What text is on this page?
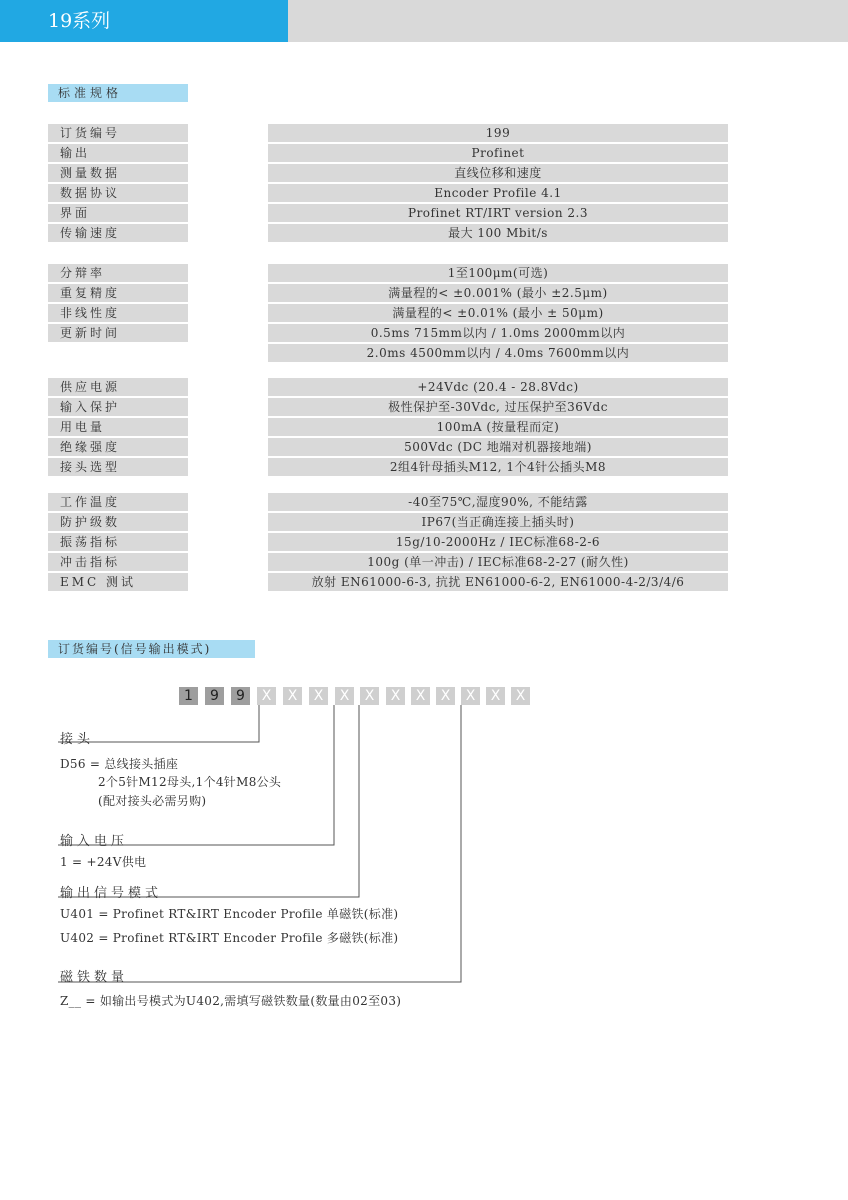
19系列
标准规格
订货编号	199
输出	Profinet
测量数据	直线位移和速度
数据协议	Encoder Profile 4.1
界面	Profinet RT/IRT version 2.3
传输速度	最大 100 Mbit/s
分辩率	1至100μm(可选)
重复精度	满量程的< ±0.001% (最小 ±2.5μm)
非线性度	满量程的< ±0.01% (最小 ± 50μm)
更新时间	0.5ms 715mm以内 / 1.0ms 2000mm以内
2.0ms 4500mm以内 / 4.0ms 7600mm以内
供应电源	+24Vdc (20.4 - 28.8Vdc)
输入保护	极性保护至-30Vdc, 过压保护至36Vdc
用电量	100mA (按量程而定)
绝缘强度	500Vdc (DC 地端对机器接地端)
接头选型	2组4针母插头M12, 1个4针公插头M8
工作温度	-40至75℃,湿度90%, 不能结露
防护级数	IP67(当正确连接上插头时)
振荡指标	15g/10-2000Hz / IEC标准68-2-6
冲击指标	100g (单一冲击) / IEC标准68-2-27 (耐久性)
EMC 测试	放射 EN61000-6-3, 抗扰 EN61000-6-2, EN61000-4-2/3/4/6
订货编号(信号输出模式)
1	9	9	X	X	X	X	X	X	X	X	X	X	X
接头
D56 = 总线接头插座
2个5针M12母头,1个4针M8公头
(配对接头必需另购)
输入电压
1 = +24V供电
输出信号模式
U401 = Profinet RT&IRT Encoder Profile 单磁铁(标准)
U402 = Profinet RT&IRT Encoder Profile 多磁铁(标准)
磁铁数量
Z__ = 如输出号模式为U402,需填写磁铁数量(数量由02至03)
